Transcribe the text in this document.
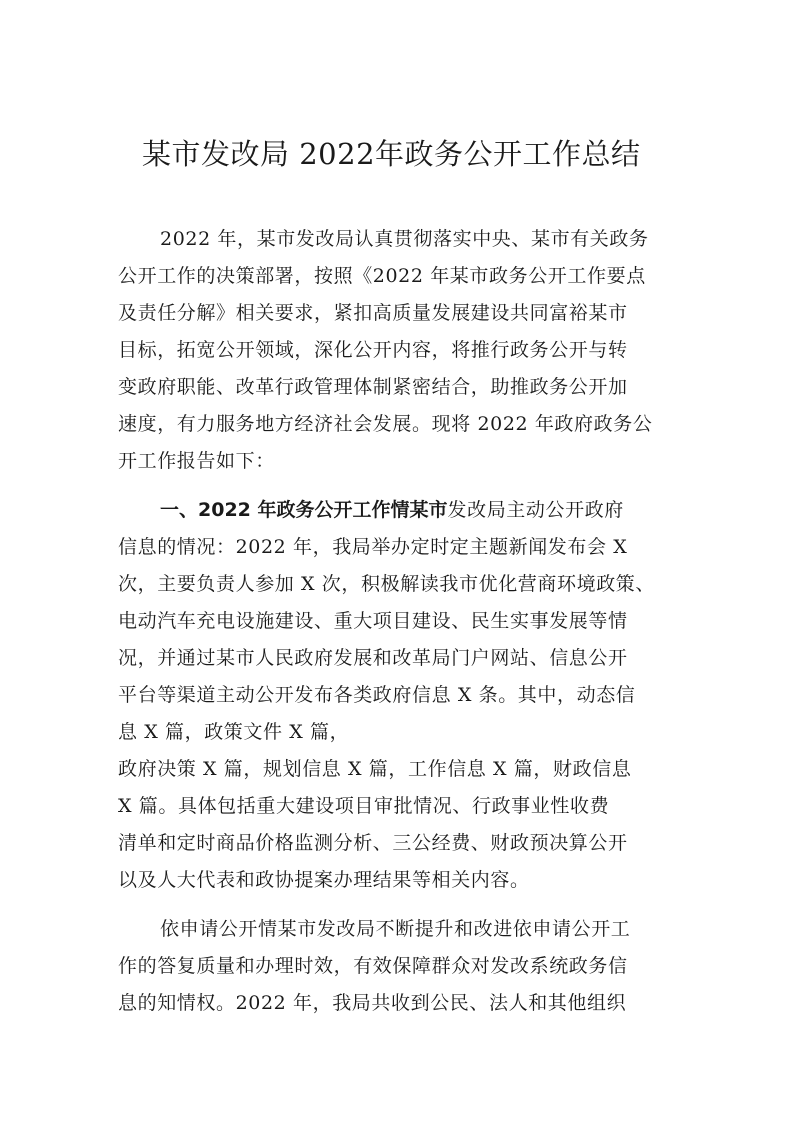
某市发改局 2022年政务公开工作总结
2022 年，某市发改局认真贯彻落实中央、某市有关政务
公开工作的决策部署，按照《2022 年某市政务公开工作要点
及责任分解》相关要求，紧扣高质量发展建设共同富裕某市
目标，拓宽公开领域，深化公开内容，将推行政务公开与转
变政府职能、改革行政管理体制紧密结合，助推政务公开加
速度，有力服务地方经济社会发展。现将 2022 年政府政务公
开工作报告如下：
一、2022 年政务公开工作情某市发改局主动公开政府
信息的情况：2022 年，我局举办定时定主题新闻发布会 X
次，主要负责人参加 X 次，积极解读我市优化营商环境政策、
电动汽车充电设施建设、重大项目建设、民生实事发展等情
况，并通过某市人民政府发展和改革局门户网站、信息公开
平台等渠道主动公开发布各类政府信息 X 条。其中，动态信
息 X 篇，政策文件 X 篇，
政府决策 X 篇，规划信息 X 篇，工作信息 X 篇，财政信息
X 篇。具体包括重大建设项目审批情况、行政事业性收费
清单和定时商品价格监测分析、三公经费、财政预决算公开
以及人大代表和政协提案办理结果等相关内容。
依申请公开情某市发改局不断提升和改进依申请公开工
作的答复质量和办理时效，有效保障群众对发改系统政务信
息的知情权。2022 年，我局共收到公民、法人和其他组织
